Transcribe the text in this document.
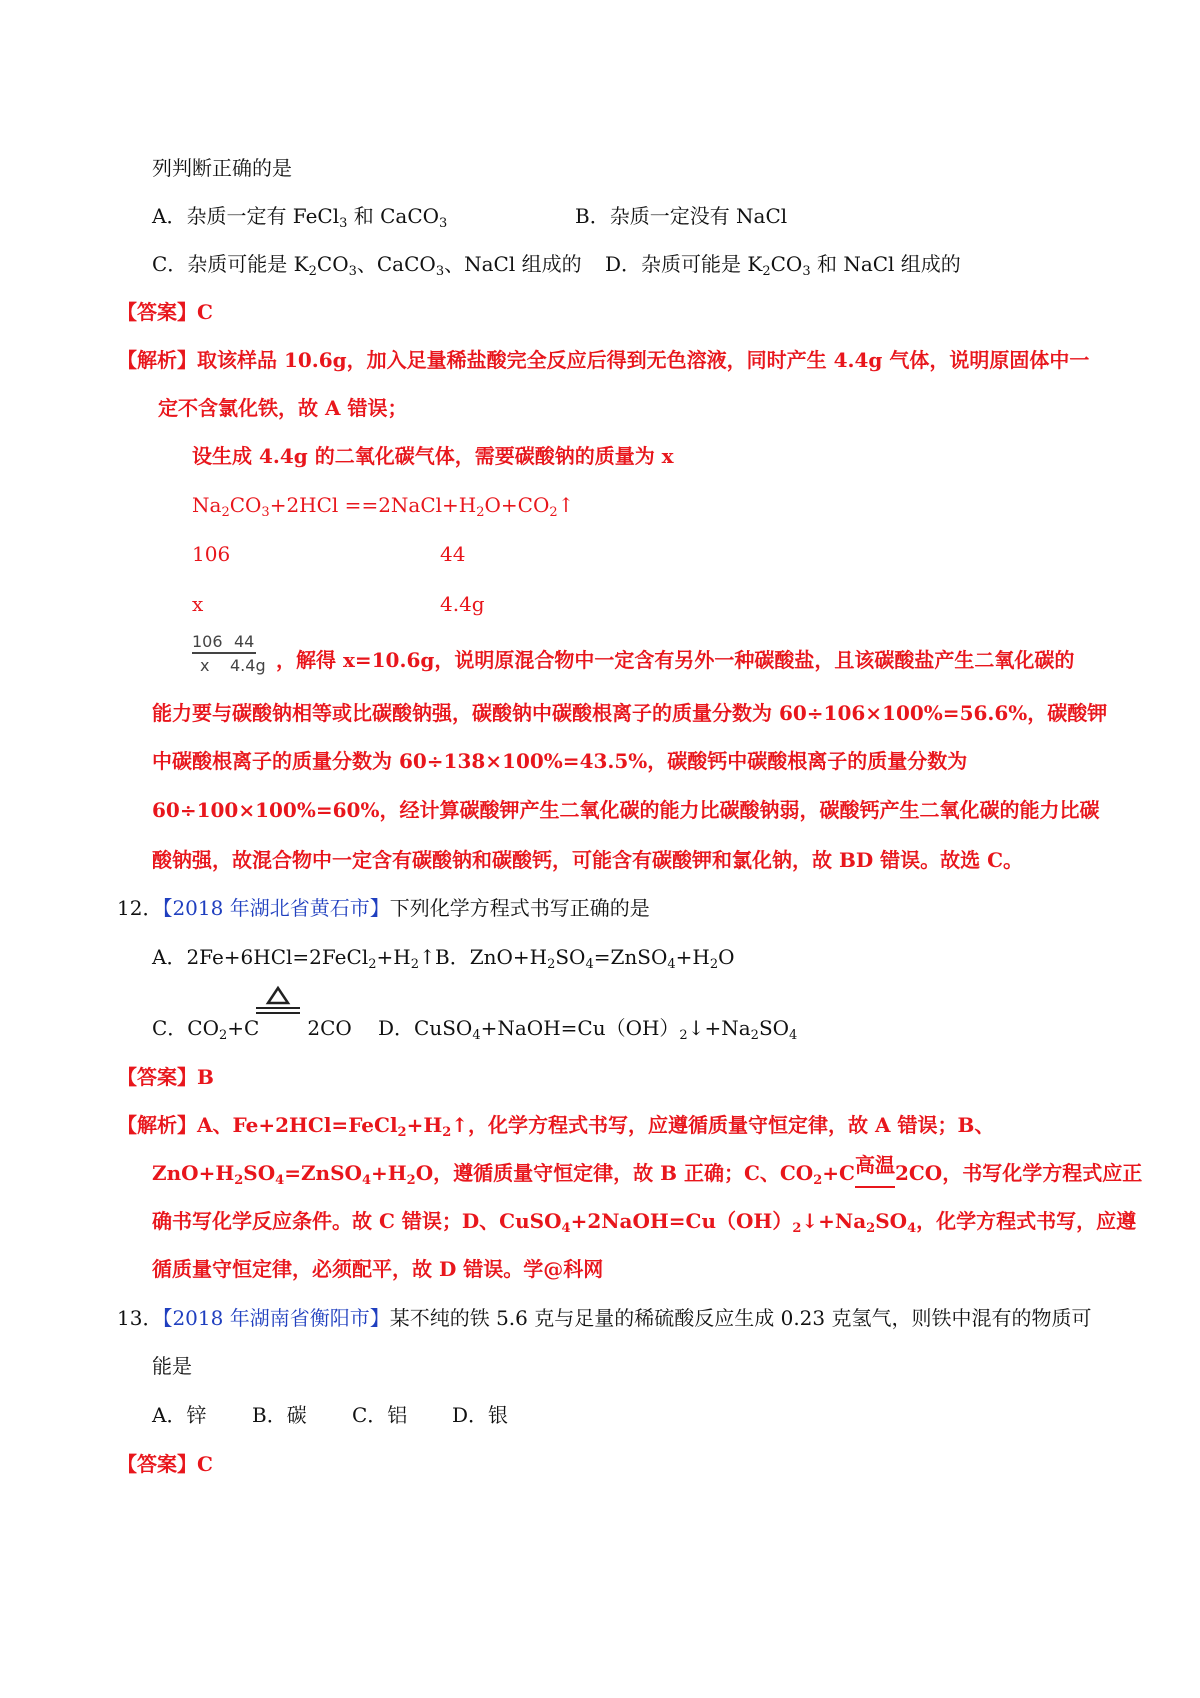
列判断正确的是
A．杂质一定有 FeCl$_3$ 和 CaCO$_3$	B．杂质一定没有 NaCl
C．杂质可能是 $K_2CO_3$、CaCO$_3$、NaCl 组成的 D．杂质可能是 $K_2CO_3$ 和 NaCl 组成的
【答案】C
【解析】取该样品 10.6g，加入足量稀盐酸完全反应后得到无色溶液，同时产生 4.4g 气体，说明原固体中一
定不含氯化铁，故 A 错误；
设生成 4.4g 的二氧化碳气体，需要碳酸钠的质量为 x
$Na_2CO_3+2HCl$ $==2NaCl+H_2O+CO_2↑$
106	44
x	4.4g
106 44
x 4.4g ，解得 x=10.6g，说明原混合物中一定含有另外一种碳酸盐，且该碳酸盐产生二氧化碳的
能力要与碳酸钠相等或比碳酸钠强，碳酸钠中碳酸根离子的质量分数为 60÷106×100%=56.6%，碳酸钾
中碳酸根离子的质量分数为 60÷138×100%=43.5%，碳酸钙中碳酸根离子的质量分数为
60÷100×100%=60%，经计算碳酸钾产生二氧化碳的能力比碳酸钠弱，碳酸钙产生二氧化碳的能力比碳
酸钠强，故混合物中一定含有碳酸钠和碳酸钙，可能含有碳酸钾和氯化钠，故 BD 错误。故选 C。
12．【2018 年湖北省黄石市】下列化学方程式书写正确的是
A．$2Fe+6HCl=2FeCl_2+H_2↑$ B．$ZnO+H_2SO_4=ZnSO_4+H_2O$
C．$CO_2+C$ 2CO D．$CuSO_4+NaOH=Cu(OH)_2↓+Na_2SO_4$
【答案】B
【解析】A、$Fe+2HCl=FeCl_2+H_2↑$，化学方程式书写，应遵循质量守恒定律，故 A 错误；B、
$ZnO+H_2SO_4=ZnSO_4+H_2O$，遵循质量守恒定律，故 B 正确；C、$CO_2+C$高温
2CO，书写化学方程式应正
确书写化学反应条件。故 C 错误；D、$CuSO_4+2NaOH=Cu(OH)_2↓+Na_2SO_4$，化学方程式书写，应遵
循质量守恒定律，必须配平，故 D 错误。学@科网
13．【2018 年湖南省衡阳市】某不纯的铁 5.6 克与足量的稀硫酸反应生成 0.23 克氢气，则铁中混有的物质可
能是
A．锌 B．碳 C．铝 D．银
【答案】C
